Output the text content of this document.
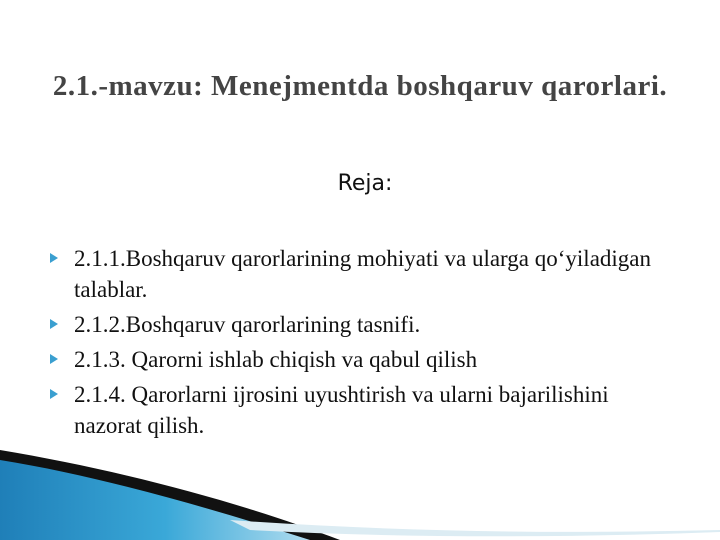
2.1.-mavzu: Menejmentda boshqaruv qarorlari.
Reja:
2.1.1.Boshqaruv qarorlarining mohiyati va ularga qo‘yiladigan talablar.
2.1.2.Boshqaruv qarorlarining tasnifi.
2.1.3. Qarorni ishlab chiqish va qabul qilish
2.1.4. Qarorlarni ijrosini uyushtirish va ularni bajarilishini nazorat qilish.
